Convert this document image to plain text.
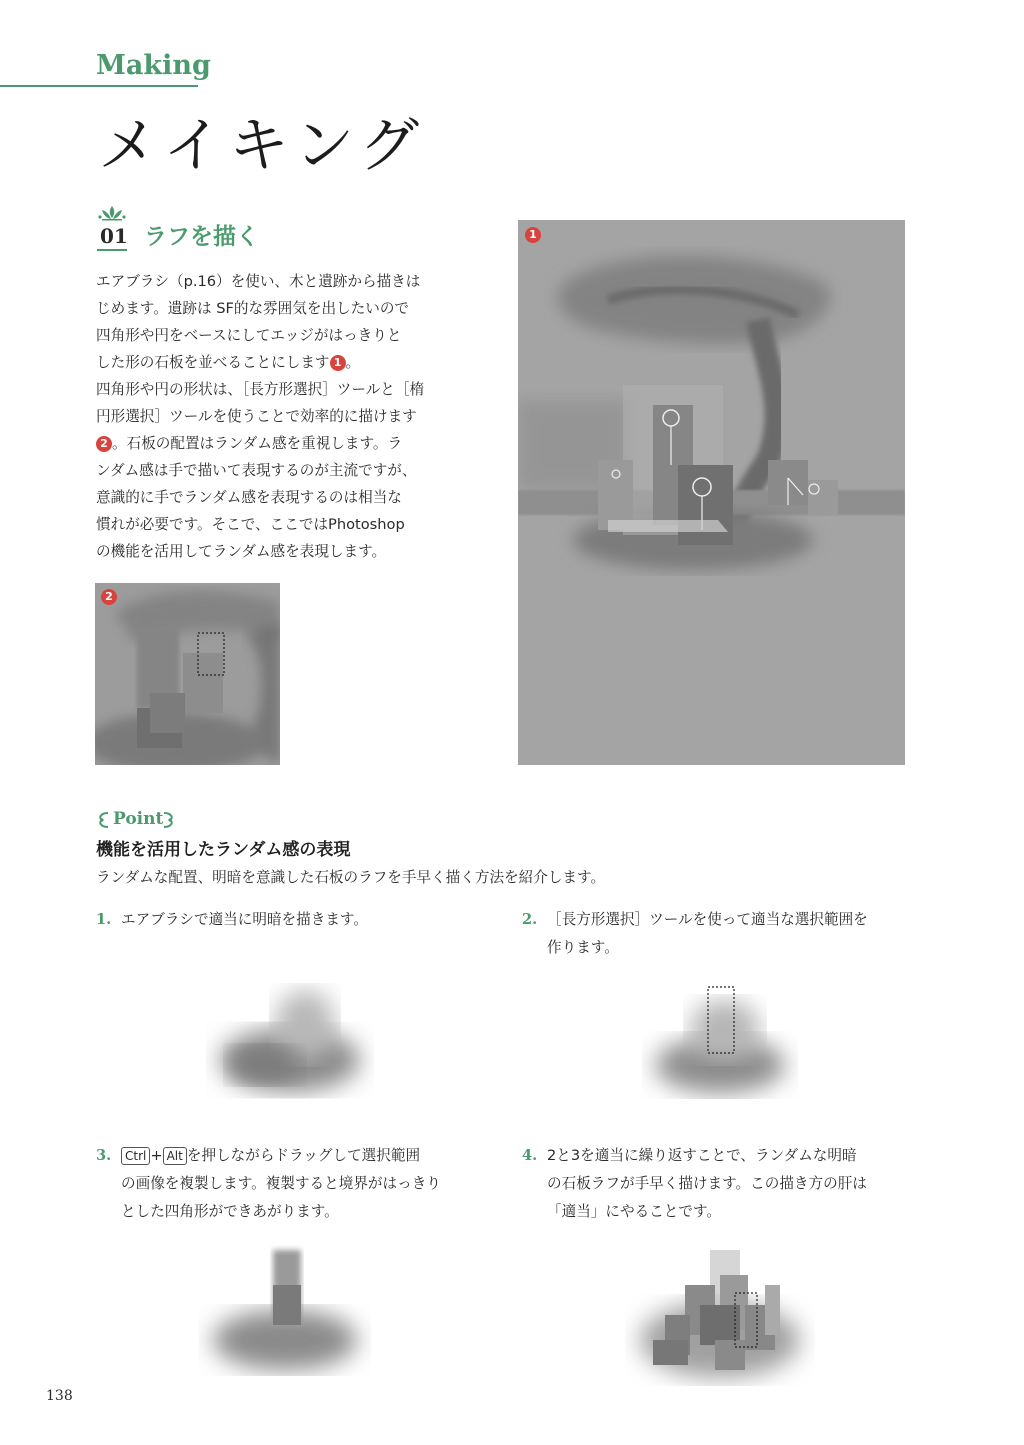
Making
メイキング
01 ラフを描く

エアブラシ（p.16）を使い、木と遺跡から描きは

じめます。遺跡は SF的な雰囲気を出したいので

四角形や円をベースにしてエッジがはっきりと

した形の石板を並べることにします 1 。

四角形や円の形状は、［長方形選択］ツールと［楕

円形選択］ツールを使うことで効率的に描けます

2 。石板の配置はランダム感を重視します。ラ

ンダム感は手で描いて表現するのが主流ですが、

意識的に手でランダム感を表現するのは相当な

慣れが必要です。そこで、ここではPhotoshop

の機能を活用してランダム感を表現します。

2
1
Point
機能を活用したランダム感の表現
ランダムな配置、明暗を意識した石板のラフを手早く描く方法を紹介します。
1. エアブラシで適当に明暗を描きます。	2. ［長方形選択］ツールを使って適当な選択範囲を
作ります。
3.	Ctrl + Alt を押しながらドラッグして選択範囲
の画像を複製します。複製すると境界がはっきり
とした四角形ができあがります。
4. 2と3を適当に繰り返すことで、ランダムな明暗
の石板ラフが手早く描けます。この描き方の肝は
「適当」にやることです。
138
